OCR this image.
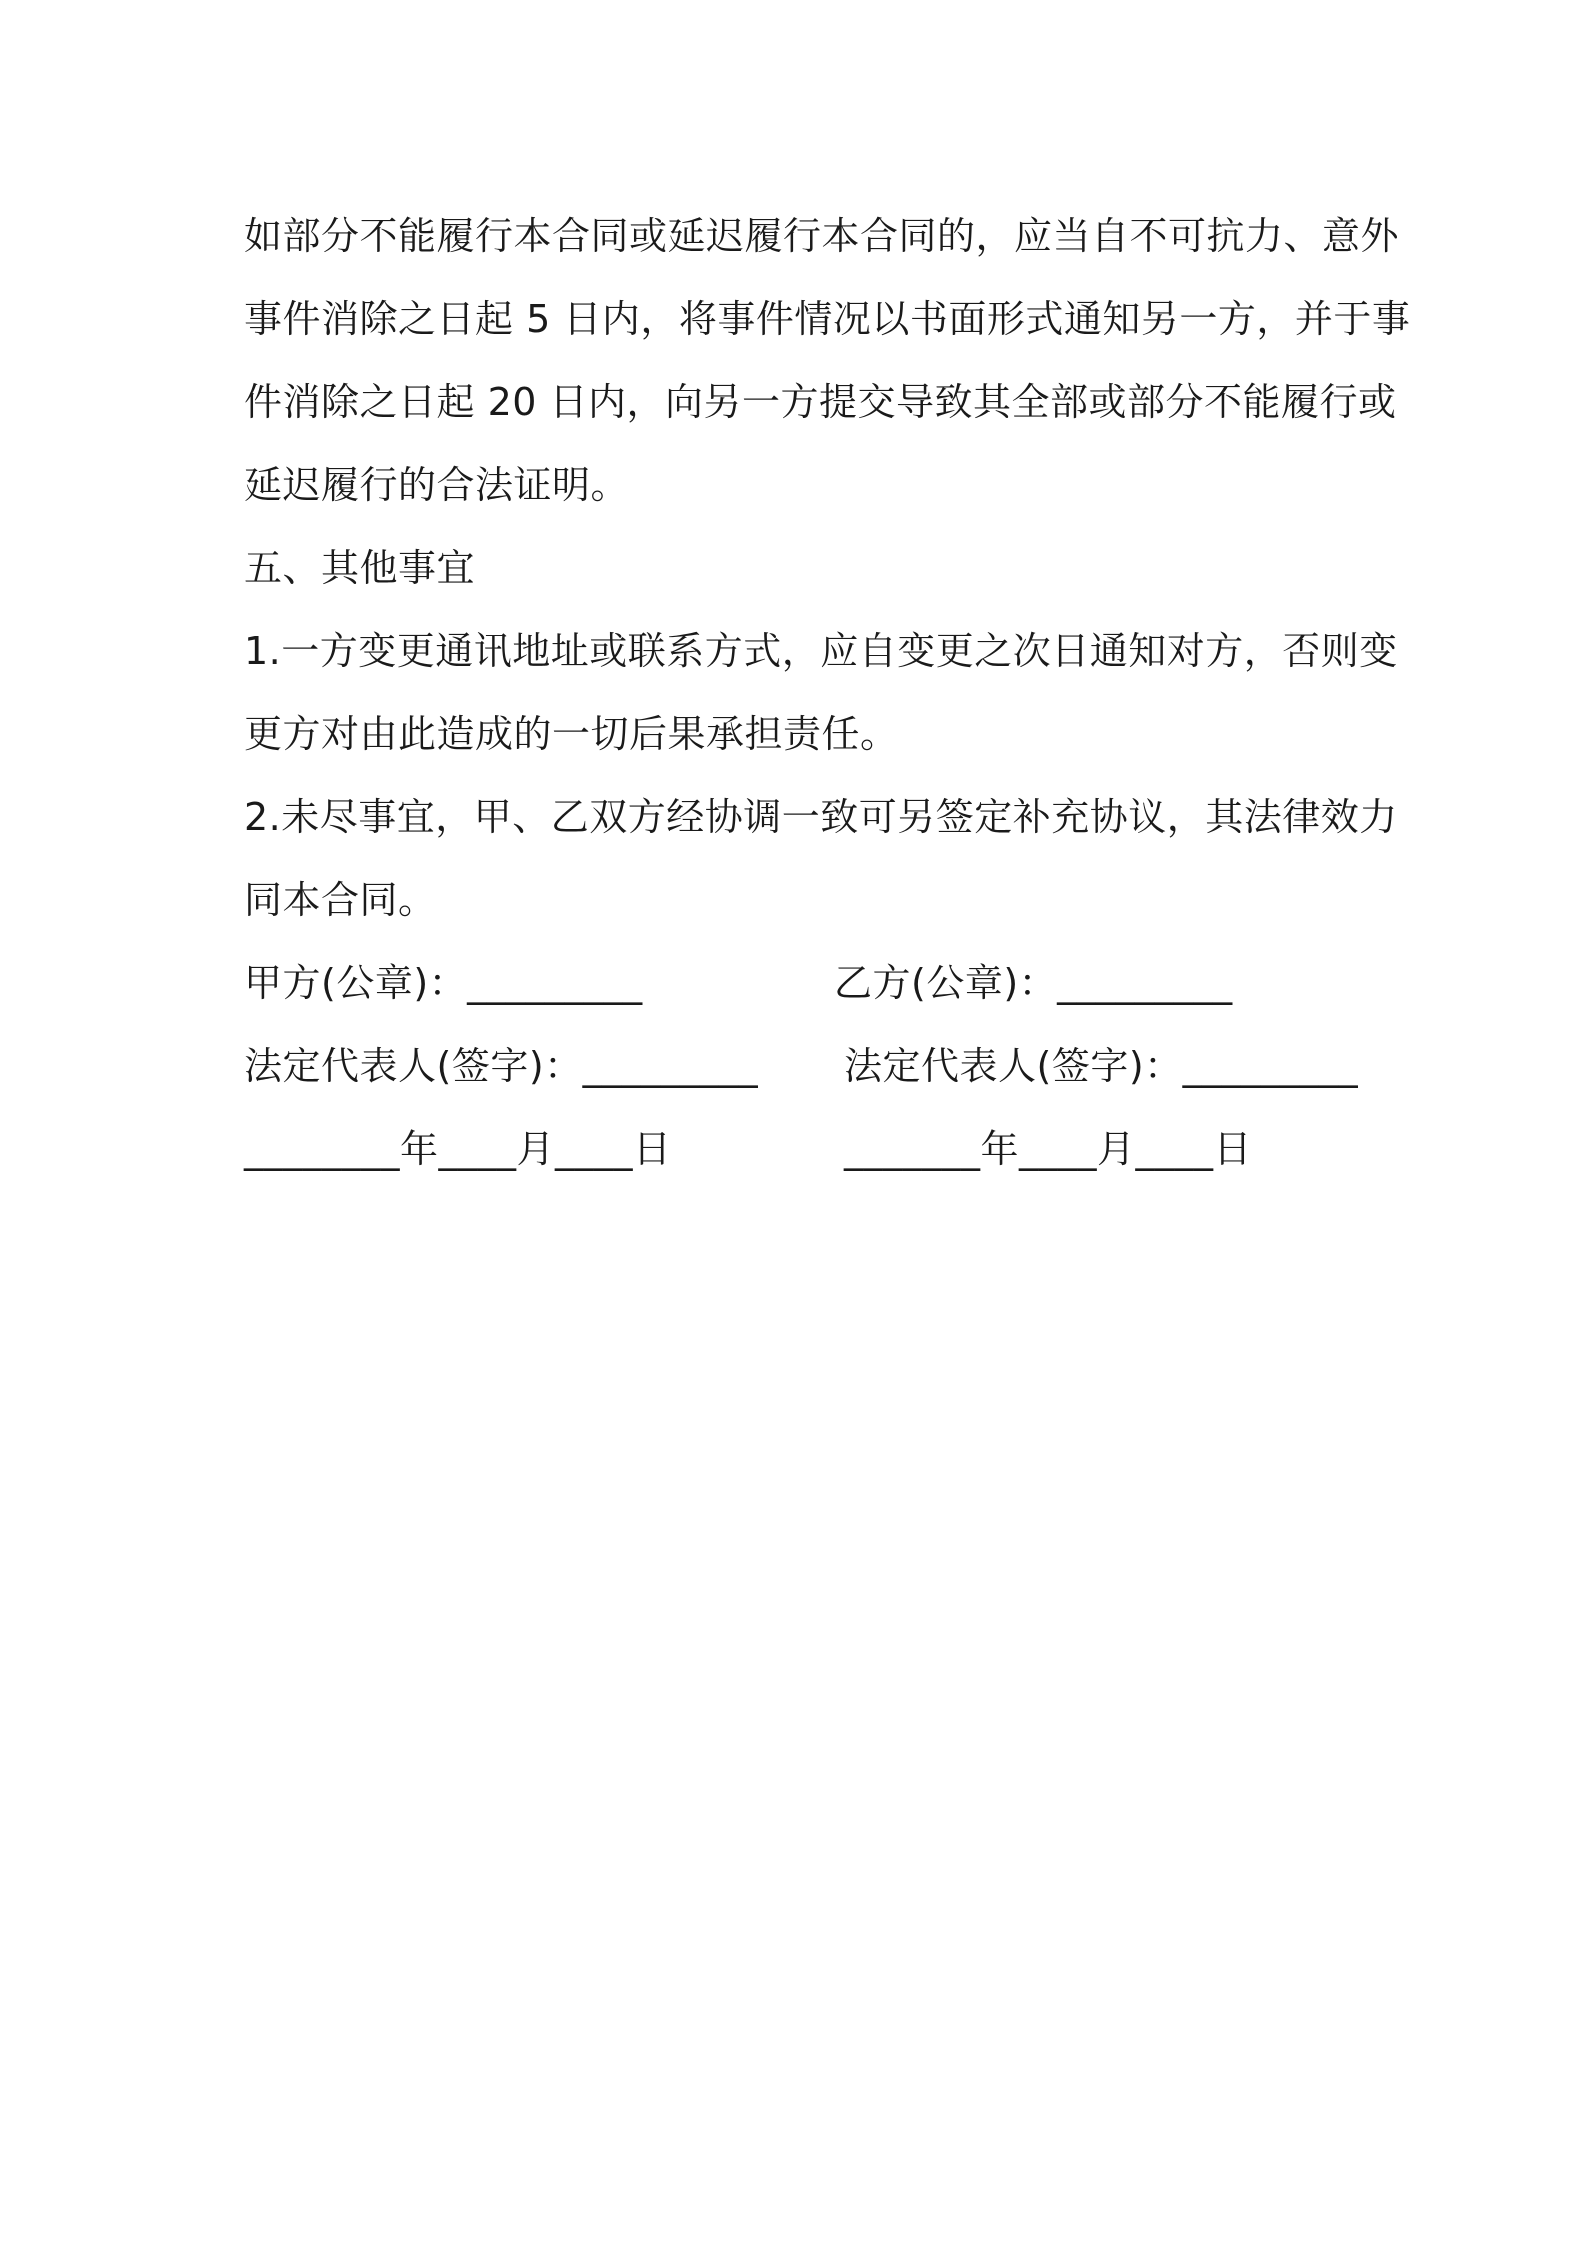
如部分不能履行本合同或延迟履行本合同的，应当自不可抗力、意外
事件消除之日起 5 日内，将事件情况以书面形式通知另一方，并于事
件消除之日起 20 日内，向另一方提交导致其全部或部分不能履行或
延迟履行的合法证明。
五、其他事宜
1.一方变更通讯地址或联系方式，应自变更之次日通知对方，否则变
更方对由此造成的一切后果承担责任。
2.未尽事宜，甲、乙双方经协调一致可另签定补充协议，其法律效力
同本合同。
甲方(公章)：_________	乙方(公章)：_________
法定代表人(签字)：_________ 法定代表人(签字)：_________
________年____月____日	_______年____月____日
